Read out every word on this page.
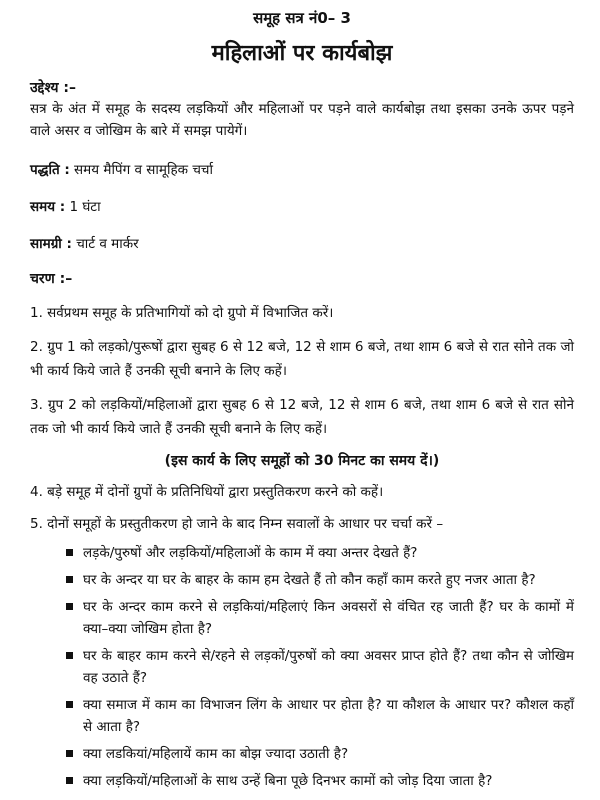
समूह सत्र नं0– 3
महिलाओं पर कार्यबोझ
उद्देश्य :–
सत्र के अंत में समूह के सदस्य लड़कियों और महिलाओं पर पड़ने वाले कार्यबोझ तथा इसका उनके ऊपर पड़ने वाले असर व जोखिम के बारे में समझ पायेगें।
पद्धति : समय मैपिंग व सामूहिक चर्चा
समय : 1 घंटा
सामग्री : चार्ट व मार्कर
चरण :–
1. सर्वप्रथम समूह के प्रतिभागियों को दो ग्रुपो में विभाजित करें।
2. ग्रुप 1 को लड़को/पुरूषों द्वारा सुबह 6 से 12 बजे, 12 से शाम 6 बजे, तथा शाम 6 बजे से रात सोने तक जो भी कार्य किये जाते हैं उनकी सूची बनाने के लिए कहें।
3. ग्रुप 2 को लड़कियों/महिलाओं द्वारा सुबह 6 से 12 बजे, 12 से शाम 6 बजे, तथा शाम 6 बजे से रात सोने तक जो भी कार्य किये जाते हैं उनकी सूची बनाने के लिए कहें।
(इस कार्य के लिए समूहों को 30 मिनट का समय दें।)
4. बड़े समूह में दोनों ग्रुपों के प्रतिनिधियों द्वारा प्रस्तुतिकरण करने को कहें।
5. दोनों समूहों के प्रस्तुतीकरण हो जाने के बाद निम्न सवालों के आधार पर चर्चा करें –
लड़के/पुरुषों और लड़कियों/महिलाओं के काम में क्या अन्तर देखते हैं?
घर के अन्दर या घर के बाहर के काम हम देखते हैं तो कौन कहाँ काम करते हुए नजर आता है?
घर के अन्दर काम करने से लड़कियां/महिलाएं किन अवसरों से वंचित रह जाती हैं? घर के कामों में क्या–क्या जोखिम होता है?
घर के बाहर काम करने से/रहने से लड़कों/पुरुषों को क्या अवसर प्राप्त होते हैं? तथा कौन से जोखिम वह उठाते हैं?
क्या समाज में काम का विभाजन लिंग के आधार पर होता है? या कौशल के आधार पर? कौशल कहाँ से आता है?
क्या लडकियां/महिलायें काम का बोझ ज्यादा उठाती है?
क्या लड़कियों/महिलाओं के साथ उन्हें बिना पूछे दिनभर कामों को जोड़ दिया जाता है?
